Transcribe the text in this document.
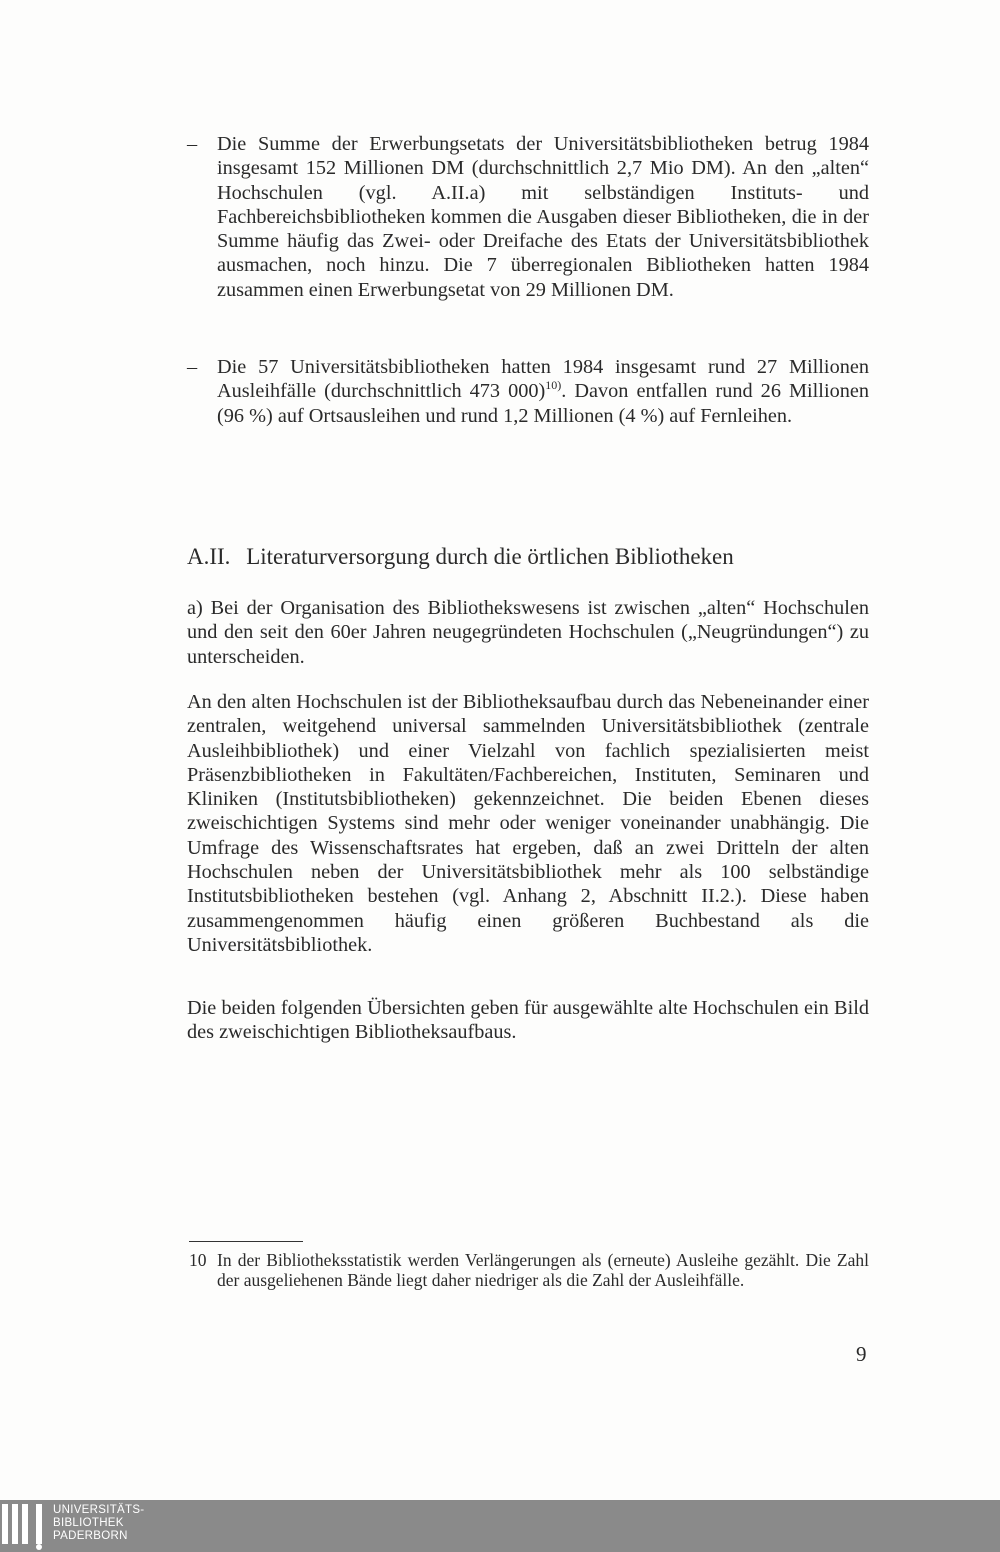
– Die Summe der Erwerbungsetats der Universitätsbibliotheken betrug 1984 insgesamt 152 Millionen DM (durchschnittlich 2,7 Mio DM). An den „alten“ Hochschulen (vgl. A.II.a) mit selbständigen Instituts- und Fachbereichsbibliotheken kommen die Ausgaben dieser Bibliotheken, die in der Summe häufig das Zwei- oder Dreifache des Etats der Universitätsbibliothek ausmachen, noch hinzu. Die 7 überregionalen Bibliotheken hatten 1984 zusammen einen Erwerbungsetat von 29 Millionen DM.
– Die 57 Universitätsbibliotheken hatten 1984 insgesamt rund 27 Millionen Ausleihfälle (durchschnittlich 473 000)$^{10)}$. Davon entfallen rund 26 Millionen (96 %) auf Ortsausleihen und rund 1,2 Millionen (4 %) auf Fernleihen.
A.II. Literaturversorgung durch die örtlichen Bibliotheken
a) Bei der Organisation des Bibliothekswesens ist zwischen „alten“ Hochschulen und den seit den 60er Jahren neugegründeten Hochschulen („Neugründungen“) zu unterscheiden.
An den alten Hochschulen ist der Bibliotheksaufbau durch das Nebeneinander einer zentralen, weitgehend universal sammelnden Universitätsbibliothek (zentrale Ausleihbibliothek) und einer Vielzahl von fachlich spezialisierten meist Präsenzbibliotheken in Fakultäten/Fachbereichen, Instituten, Seminaren und Kliniken (Institutsbibliotheken) gekennzeichnet. Die beiden Ebenen dieses zweischichtigen Systems sind mehr oder weniger voneinander unabhängig. Die Umfrage des Wissenschaftsrates hat ergeben, daß an zwei Dritteln der alten Hochschulen neben der Universitätsbibliothek mehr als 100 selbständige Institutsbibliotheken bestehen (vgl. Anhang 2, Abschnitt II.2.). Diese haben zusammengenommen häufig einen größeren Buchbestand als die Universitätsbibliothek.
Die beiden folgenden Übersichten geben für ausgewählte alte Hochschulen ein Bild des zweischichtigen Bibliotheksaufbaus.
10 In der Bibliotheksstatistik werden Verlängerungen als (erneute) Ausleihe gezählt. Die Zahl der ausgeliehenen Bände liegt daher niedriger als die Zahl der Ausleihfälle.
9
UNIVERSITÄTS-
BIBLIOTHEK
PADERBORN
